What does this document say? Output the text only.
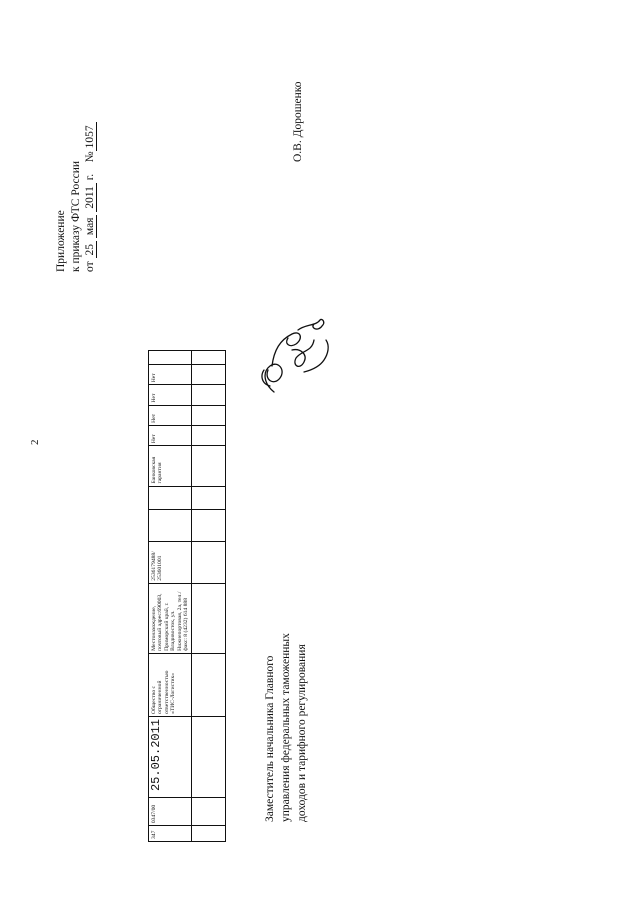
2
Приложение к приказу ФТС России от 25 мая 2011 г.    №1057
347	0347/00	25.05.2011	Общество с ограниченной ответственностью «ТИС-Логистик»	Местонахождение, почтовый адрес:690003, Приморский край, г. Владивосток, ул. Нижнепортовая, 2а, тел./факс: 8 (4232) 614 888	2536179488/ 253601001			Банковская гарантия	Нет	Нет	Нет	Нет	

Заместитель начальника Главного управления федеральных таможенных доходов и тарифного регулирования
О.В. Дорошенко
